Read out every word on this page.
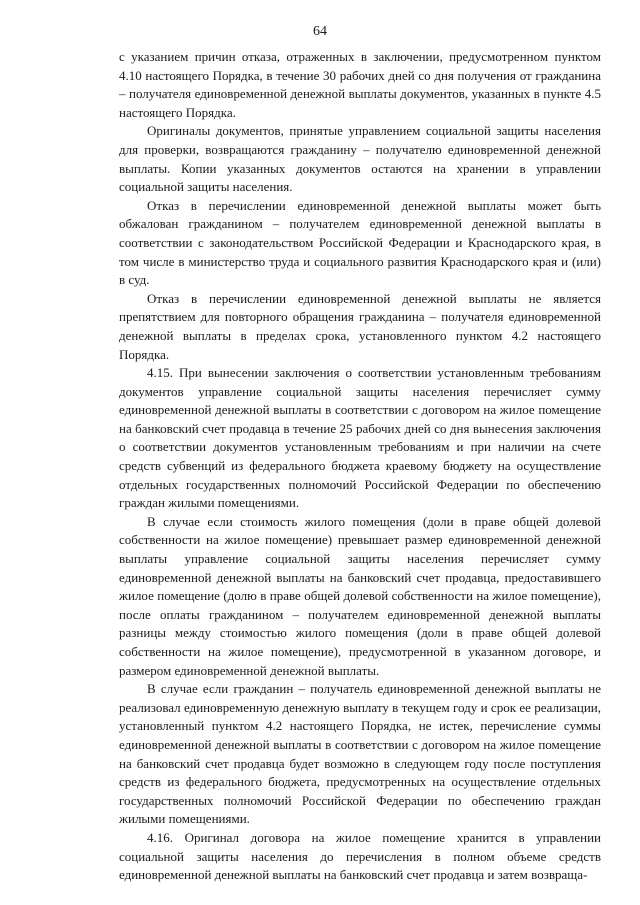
64

с указанием причин отказа, отраженных в заключении, предусмотренном пунктом 4.10 настоящего Порядка, в течение 30 рабочих дней со дня получения от гражданина – получателя единовременной денежной выплаты документов, указанных в пункте 4.5 настоящего Порядка.

Оригиналы документов, принятые управлением социальной защиты населения для проверки, возвращаются гражданину – получателю единовременной денежной выплаты. Копии указанных документов остаются на хранении в управлении социальной защиты населения.

Отказ в перечислении единовременной денежной выплаты может быть обжалован гражданином – получателем единовременной денежной выплаты в соответствии с законодательством Российской Федерации и Краснодарского края, в том числе в министерство труда и социального развития Краснодарского края и (или) в суд.

Отказ в перечислении единовременной денежной выплаты не является препятствием для повторного обращения гражданина – получателя единовременной денежной выплаты в пределах срока, установленного пунктом 4.2 настоящего Порядка.

4.15. При вынесении заключения о соответствии установленным требованиям документов управление социальной защиты населения перечисляет сумму единовременной денежной выплаты в соответствии с договором на жилое помещение на банковский счет продавца в течение 25 рабочих дней со дня вынесения заключения о соответствии документов установленным требованиям и при наличии на счете средств субвенций из федерального бюджета краевому бюджету на осуществление отдельных государственных полномочий Российской Федерации по обеспечению граждан жилыми помещениями.

В случае если стоимость жилого помещения (доли в праве общей долевой собственности на жилое помещение) превышает размер единовременной денежной выплаты управление социальной защиты населения перечисляет сумму единовременной денежной выплаты на банковский счет продавца, предоставившего жилое помещение (долю в праве общей долевой собственности на жилое помещение), после оплаты гражданином – получателем единовременной денежной выплаты разницы между стоимостью жилого помещения (доли в праве общей долевой собственности на жилое помещение), предусмотренной в указанном договоре, и размером единовременной денежной выплаты.

В случае если гражданин – получатель единовременной денежной выплаты не реализовал единовременную денежную выплату в текущем году и срок ее реализации, установленный пунктом 4.2 настоящего Порядка, не истек, перечисление суммы единовременной денежной выплаты в соответствии с договором на жилое помещение на банковский счет продавца будет возможно в следующем году после поступления средств из федерального бюджета, предусмотренных на осуществление отдельных государственных полномочий Российской Федерации по обеспечению граждан жилыми помещениями.

4.16. Оригинал договора на жилое помещение хранится в управлении социальной защиты населения до перечисления в полном объеме средств единовременной денежной выплаты на банковский счет продавца и затем возвраща-
